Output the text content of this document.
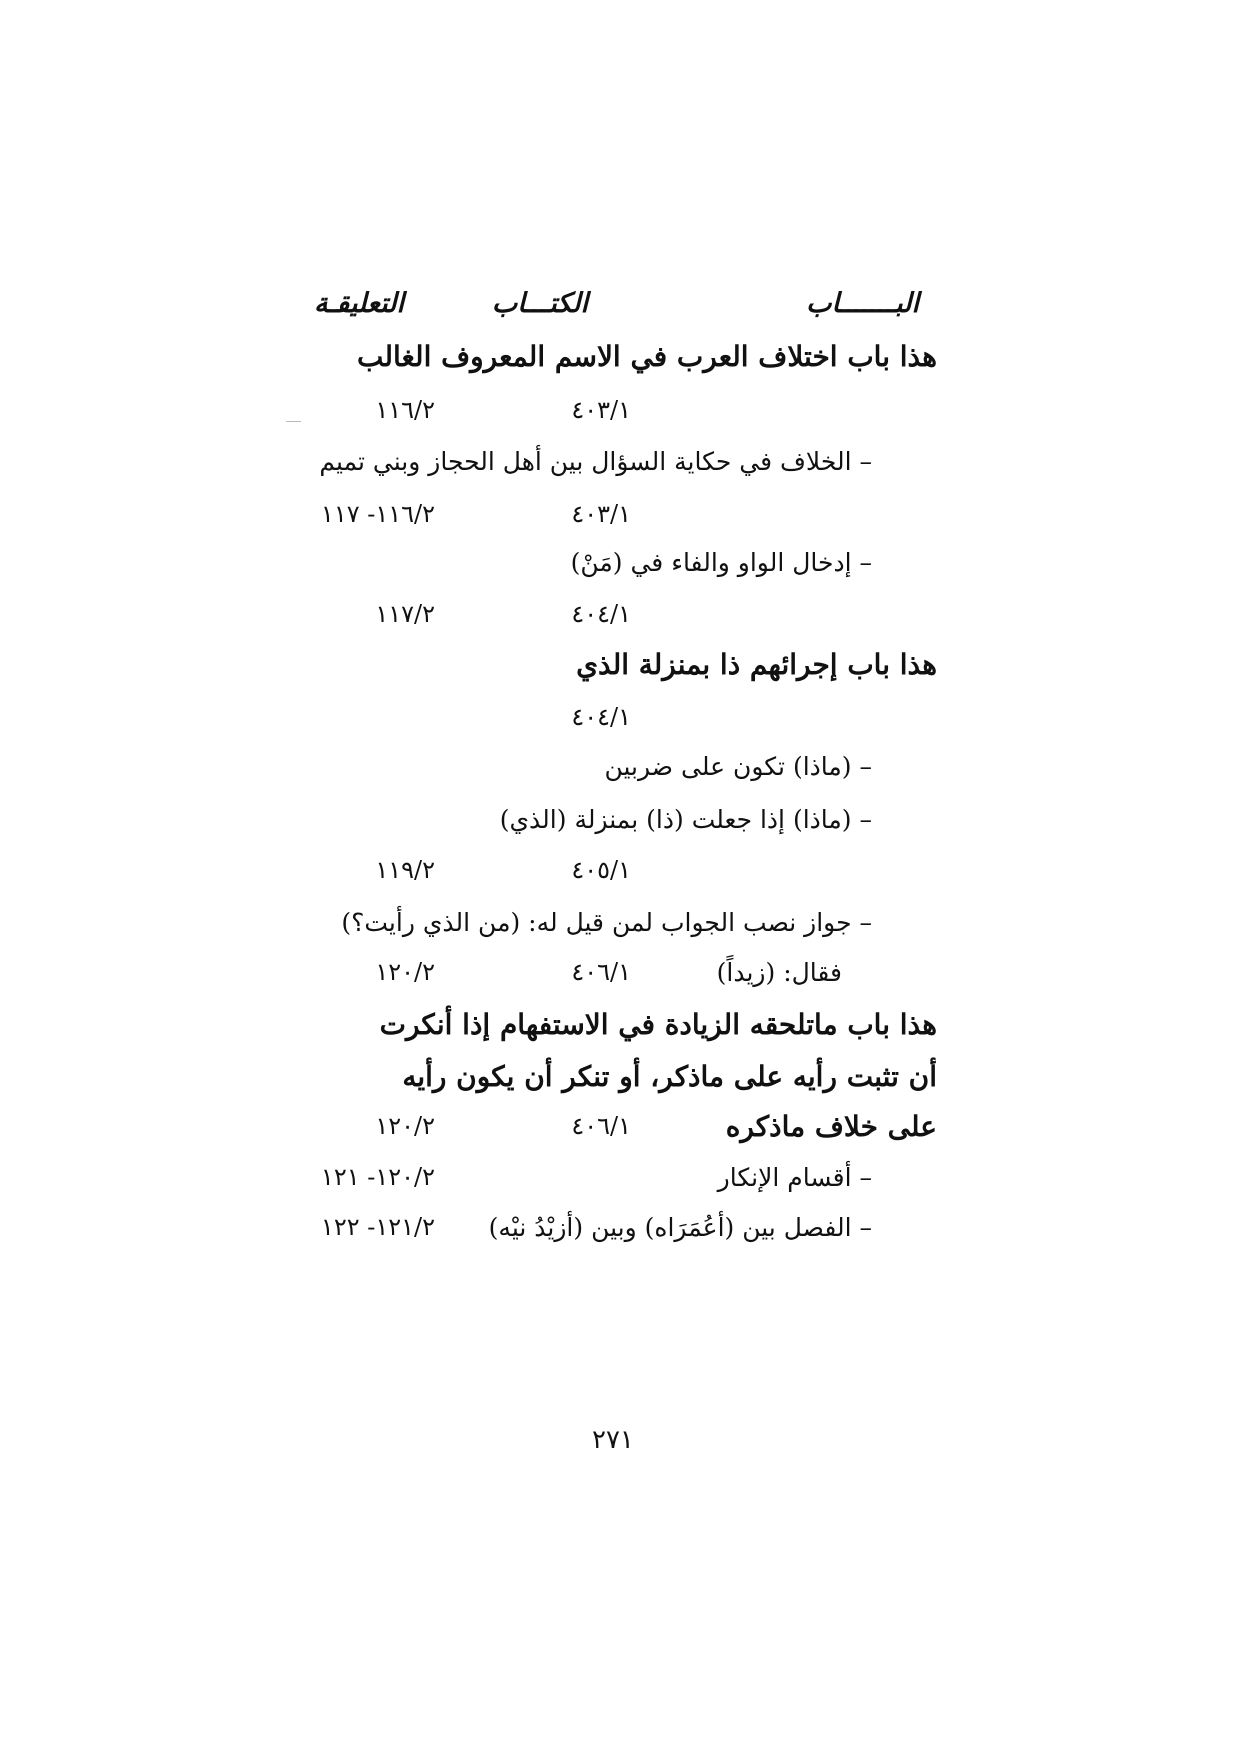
البـــــــاب
الكتـــاب
التعليقـة
هذا باب اختلاف العرب في الاسم المعروف الغالب
٤٠٣/١
١١٦/٢
– الخلاف في حكاية السؤال بين أهل الحجاز وبني تميم
٤٠٣/١
١١٦/٢- ١١٧
– إدخال الواو والفاء في (مَنْ)
٤٠٤/١
١١٧/٢
هذا باب إجرائهم ذا بمنزلة الذي
٤٠٤/١
– (ماذا) تكون على ضربين
– (ماذا) إذا جعلت (ذا) بمنزلة (الذي)
٤٠٥/١
١١٩/٢
– جواز نصب الجواب لمن قيل له: (من الذي رأيت؟)
فقال: (زيداً)
٤٠٦/١
١٢٠/٢
هذا باب ماتلحقه الزيادة في الاستفهام إذا أنكرت
أن تثبت رأيه على ماذكر، أو تنكر أن يكون رأيه
على خلاف ماذكره
٤٠٦/١
١٢٠/٢
– أقسام الإنكار
١٢٠/٢- ١٢١
– الفصل بين (أعُمَرَاه) وبين (أزيْدُ نيْه)
١٢١/٢- ١٢٢
٢٧١
